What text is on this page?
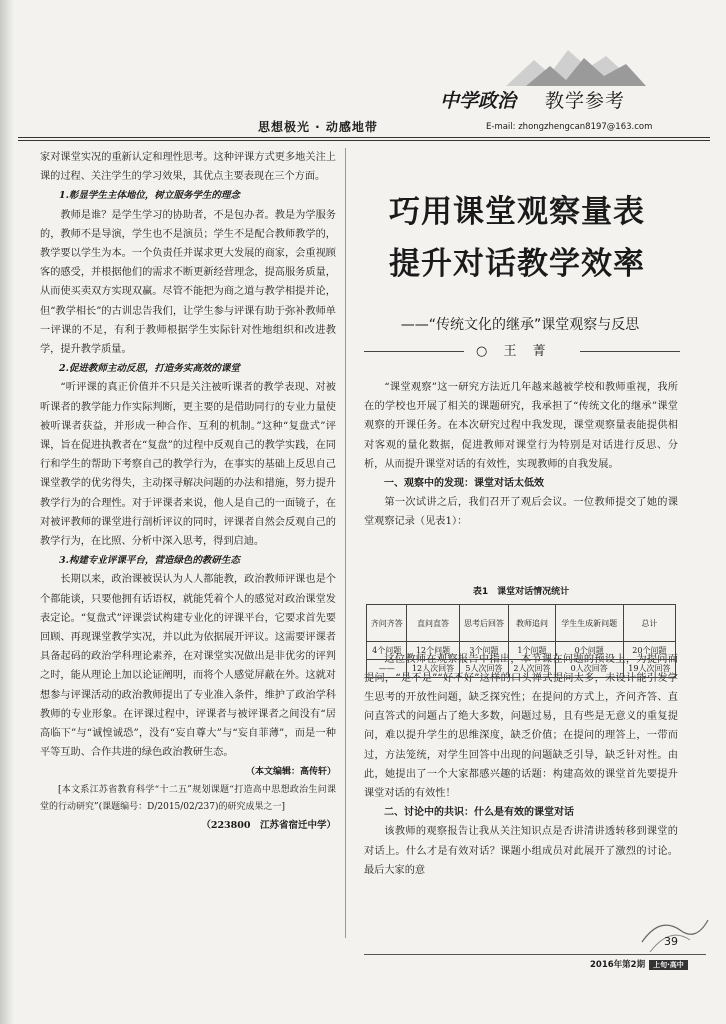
思想极光 · 动感地带
中学政治 教学参考
E-mail: zhongzhengcan8197@163.com

家对课堂实况的重新认定和理性思考。这种评课方式更多地关注上课的过程、关注学生的学习效果，其优点主要表现在三个方面。

1.彰显学生主体地位，树立服务学生的理念

教师是谁？是学生学习的协助者，不是包办者。教是为学服务的，教师不是导演，学生也不是演员；学生不是配合教师教学的，教学要以学生为本。一个负责任并谋求更大发展的商家，会重视顾客的感受，并根据他们的需求不断更新经营理念，提高服务质量，从而使买卖双方实现双赢。尽管不能把为商之道与教学相提并论，但“教学相长”的古训忠告我们，让学生参与评课有助于弥补教师单一评课的不足，有利于教师根据学生实际针对性地组织和改进教学，提升教学质量。

2.促进教师主动反思，打造务实高效的课堂

“听评课的真正价值并不只是关注被听课者的教学表现、对被听课者的教学能力作实际判断，更主要的是借助同行的专业力量使被听课者获益，并形成一种合作、互利的机制。”这种“复盘式”评课，旨在促进执教者在“复盘”的过程中反观自己的教学实践，在同行和学生的帮助下考察自己的教学行为，在事实的基础上反思自己课堂教学的优劣得失，主动探寻解决问题的办法和措施，努力提升教学行为的合理性。对于评课者来说，他人是自己的一面镜子，在对被评教师的课堂进行剖析评议的同时，评课者自然会反观自己的教学行为，在比照、分析中深入思考，得到启迪。

3.构建专业评课平台，营造绿色的教研生态

长期以来，政治课被误认为人人都能教，政治教师评课也是个个都能谈，只要他拥有话语权，就能凭着个人的感觉对政治课堂发表定论。“复盘式”评课尝试构建专业化的评课平台，它要求首先要回顾、再现课堂教学实况，并以此为依据展开评议。这需要评课者具备起码的政治学科理论素养，在对课堂实况做出是非优劣的评判之时，能从理论上加以论证阐明，而将个人感觉屏蔽在外。这就对想参与评课活动的政治教师提出了专业准入条件，维护了政治学科教师的专业形象。在评课过程中，评课者与被评课者之间没有“居高临下”与“诚惶诚恐”，没有“妄自尊大”与“妄自菲薄”，而是一种平等互助、合作共进的绿色政治教研生态。

（本文编辑：高传轩）

[本文系江苏省教育科学“十二五”规划课题“打造高中思想政治生问课堂的行动研究”(课题编号：D/2015/02/237)的研究成果之一]

（223800　江苏省宿迁中学）

巧用课堂观察量表
提升对话教学效率
——“传统文化的继承”课堂观察与反思
○ 王 菁

“课堂观察”这一研究方法近几年越来越被学校和教师重视，我所在的学校也开展了相关的课题研究，我承担了“传统文化的继承”课堂观察的开课任务。在本次研究过程中我发现，课堂观察量表能提供相对客观的量化数据，促进教师对课堂行为特别是对话进行反思、分析，从而提升课堂对话的有效性，实现教师的自我发展。

一、观察中的发现：课堂对话太低效

第一次试讲之后，我们召开了观后会议。一位教师提交了她的课堂观察记录（见表1）：

这位教师在观察报告中指出，本节课在问题的预设上，为提问而提问，“是不是”“好不好”这样的口头禅式提问太多，未设计能引发学生思考的开放性问题，缺乏探究性；在提问的方式上，齐问齐答、直问直答式的问题占了绝大多数，问题过易，且有些是无意义的重复提问，难以提升学生的思维深度，缺乏价值；在提问的理答上，一带而过，方法笼统，对学生回答中出现的问题缺乏引导，缺乏针对性。由此，她提出了一个大家都感兴趣的话题：构建高效的课堂首先要提升课堂对话的有效性！

二、讨论中的共识：什么是有效的课堂对话

该教师的观察报告让我从关注知识点是否讲清讲透转移到课堂的对话上。什么才是有效对话？课题小组成员对此展开了激烈的讨论。最后大家的意

表1　课堂对话情况统计
齐问齐答	直问直答	思考后回答	教师追问	学生生成新问题	总计
4个问题	12个问题	3个问题	1个问题	0个问题	20个问题
——	12人次回答	5人次回答	2人次回答	0人次回答	19人次回答
39
2016年第2期 上旬·高中
